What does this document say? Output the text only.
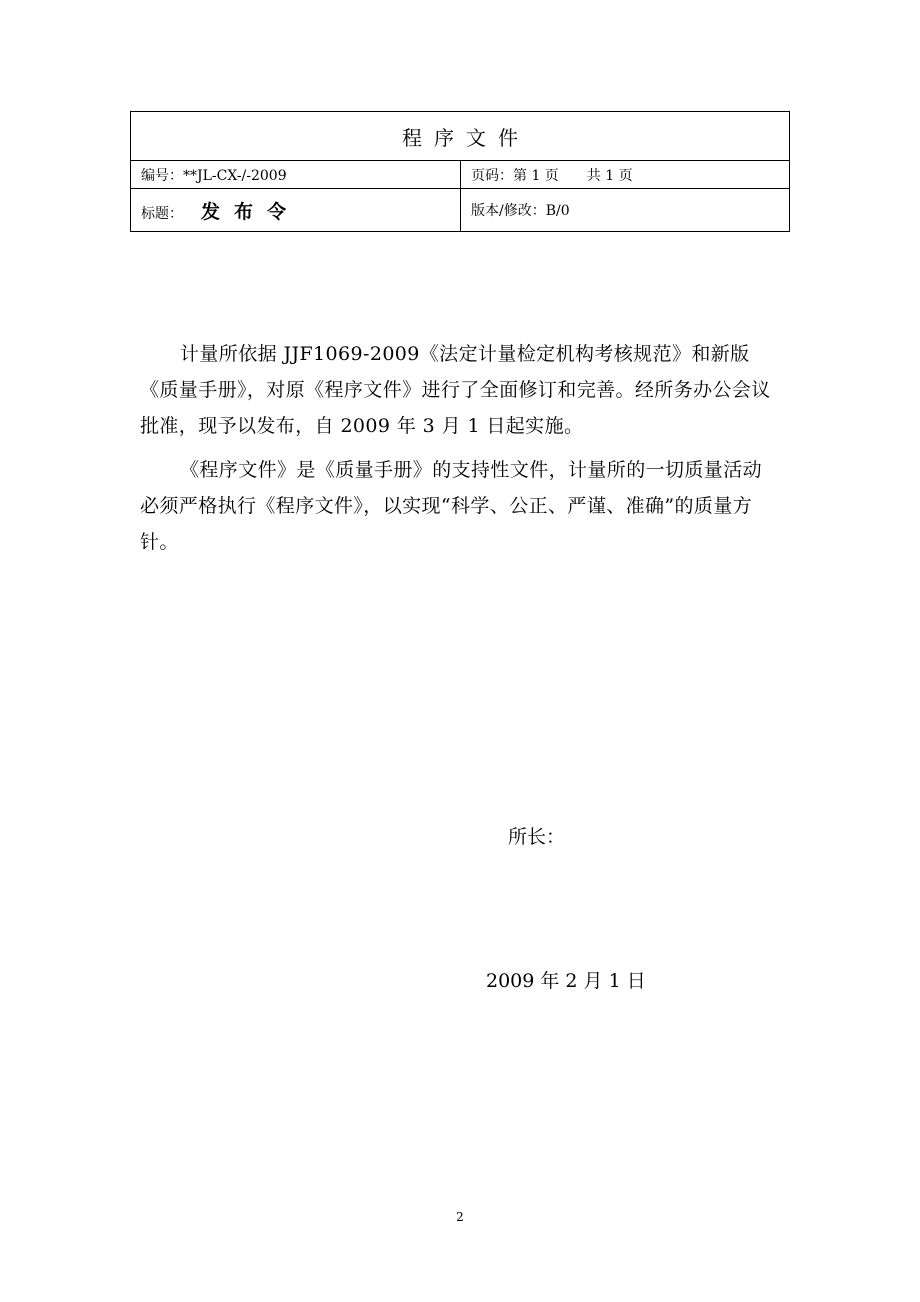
程序文件	
编号：**JL-CX-/-2009	页码：第 1 页　　共 1 页
标题： 发布令	版本/修改：B/0

计量所依据 JJF1069-2009《法定计量检定机构考核规范》和新版《质量手册》，对原《程序文件》进行了全面修订和完善。经所务办公会议批准，现予以发布，自 2009 年 3 月 1 日起实施。

《程序文件》是《质量手册》的支持性文件，计量所的一切质量活动必须严格执行《程序文件》，以实现“科学、公正、严谨、准确”的质量方针。

所长：
2009 年 2 月 1 日
2
